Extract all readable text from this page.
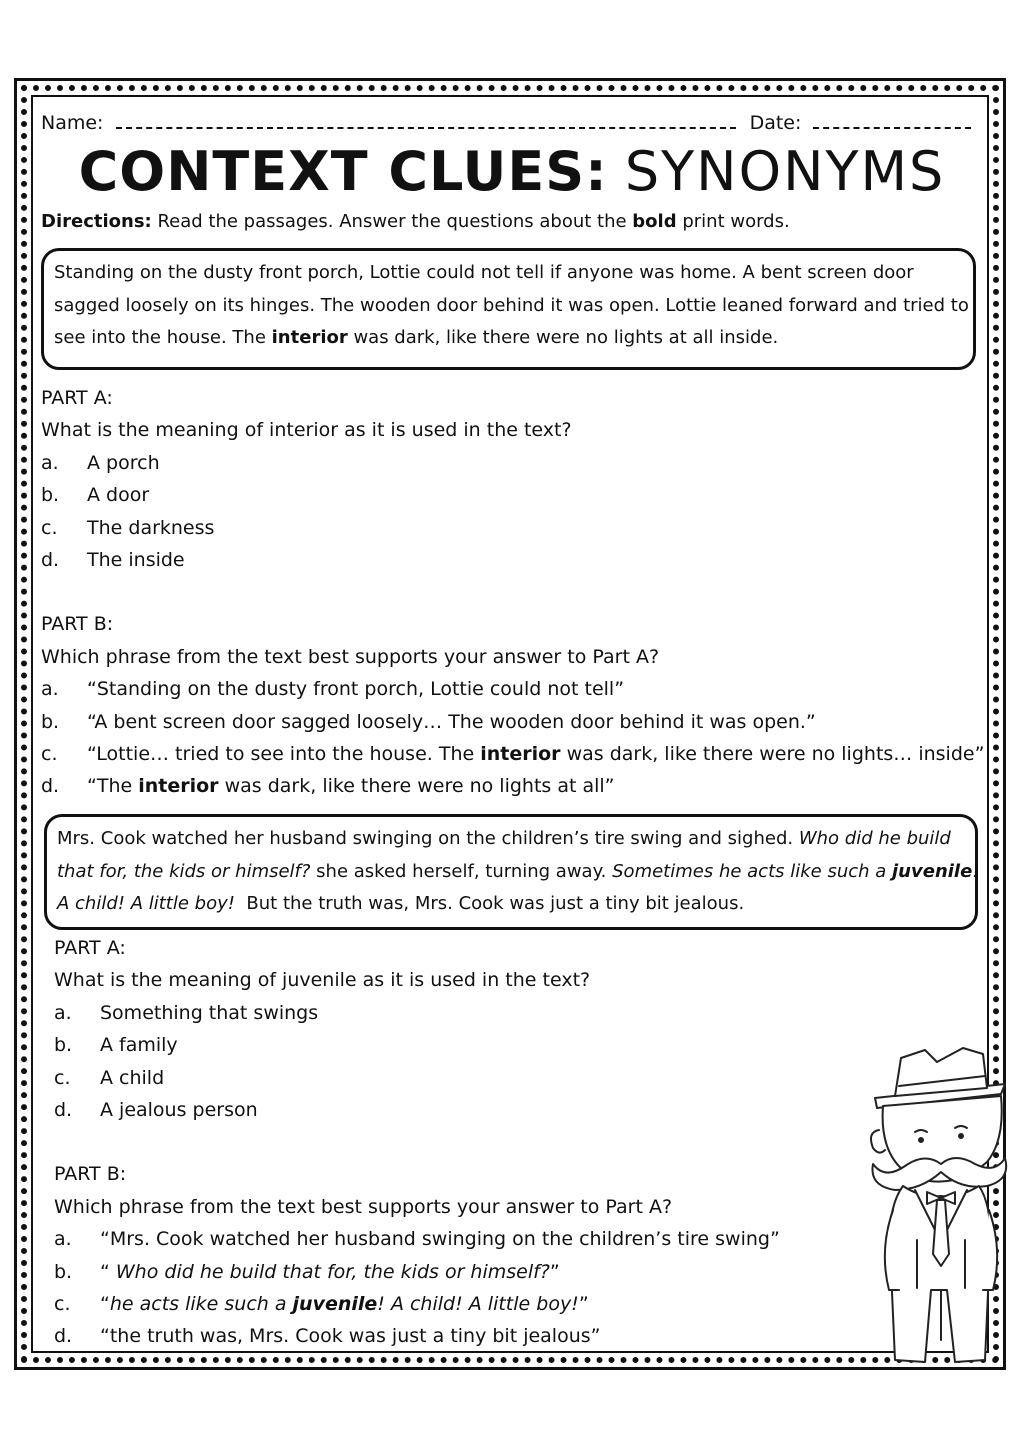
Name:	Date:
CONTEXT CLUES: SYNONYMS
Directions: Read the passages. Answer the questions about the bold print words.
Standing on the dusty front porch, Lottie could not tell if anyone was home. A bent screen door
sagged loosely on its hinges. The wooden door behind it was open. Lottie leaned forward and tried to
see into the house. The interior was dark, like there were no lights at all inside.
PART A:
What is the meaning of interior as it is used in the text?
a. A porch
b. A door
c. The darkness
d. The inside
PART B:
Which phrase from the text best supports your answer to Part A?
a. “Standing on the dusty front porch, Lottie could not tell”
b. “A bent screen door sagged loosely… The wooden door behind it was open.”
c. “Lottie… tried to see into the house. The interior was dark, like there were no lights… inside”
d. “The interior was dark, like there were no lights at all”
Mrs. Cook watched her husband swinging on the children’s tire swing and sighed. Who did he build
that for, the kids or himself? she asked herself, turning away. Sometimes he acts like such a juvenile!
A child! A little boy!  But the truth was, Mrs. Cook was just a tiny bit jealous.
PART A:
What is the meaning of juvenile as it is used in the text?
a. Something that swings
b. A family
c. A child
d. A jealous person
PART B:
Which phrase from the text best supports your answer to Part A?
a. “Mrs. Cook watched her husband swinging on the children’s tire swing”
b. “ Who did he build that for, the kids or himself?”
c. “he acts like such a juvenile! A child! A little boy!”
d. “the truth was, Mrs. Cook was just a tiny bit jealous”
